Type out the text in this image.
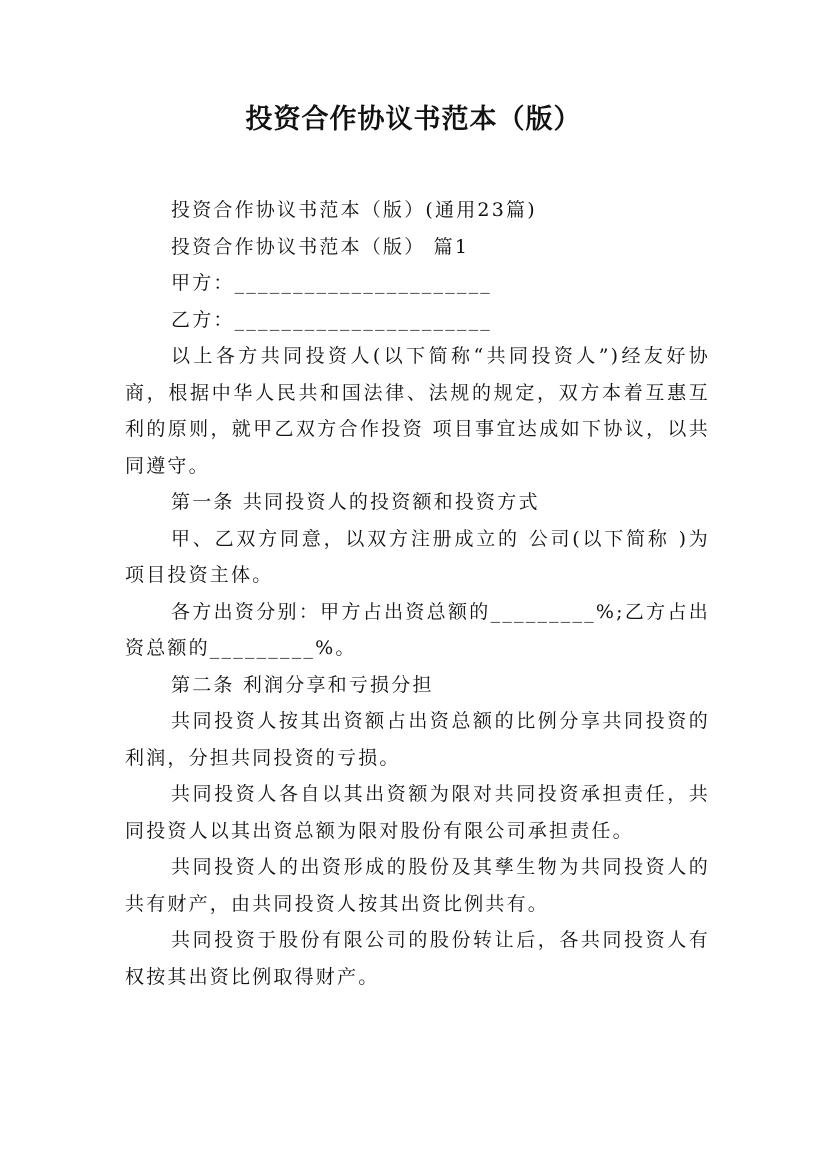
投资合作协议书范本（版）

投资合作协议书范本（版）(通用23篇)

投资合作协议书范本（版） 篇1

甲方：______________________

乙方：______________________

以上各方共同投资人(以下简称“共同投资人”)经友好协商，根据中华人民共和国法律、法规的规定，双方本着互惠互利的原则，就甲乙双方合作投资 项目事宜达成如下协议，以共同遵守。

第一条 共同投资人的投资额和投资方式

甲、乙双方同意，以双方注册成立的 公司(以下简称 )为项目投资主体。

各方出资分别：甲方占出资总额的_________%;乙方占出资总额的_________%。

第二条 利润分享和亏损分担

共同投资人按其出资额占出资总额的比例分享共同投资的利润，分担共同投资的亏损。

共同投资人各自以其出资额为限对共同投资承担责任，共同投资人以其出资总额为限对股份有限公司承担责任。

共同投资人的出资形成的股份及其孳生物为共同投资人的共有财产，由共同投资人按其出资比例共有。

共同投资于股份有限公司的股份转让后，各共同投资人有权按其出资比例取得财产。
